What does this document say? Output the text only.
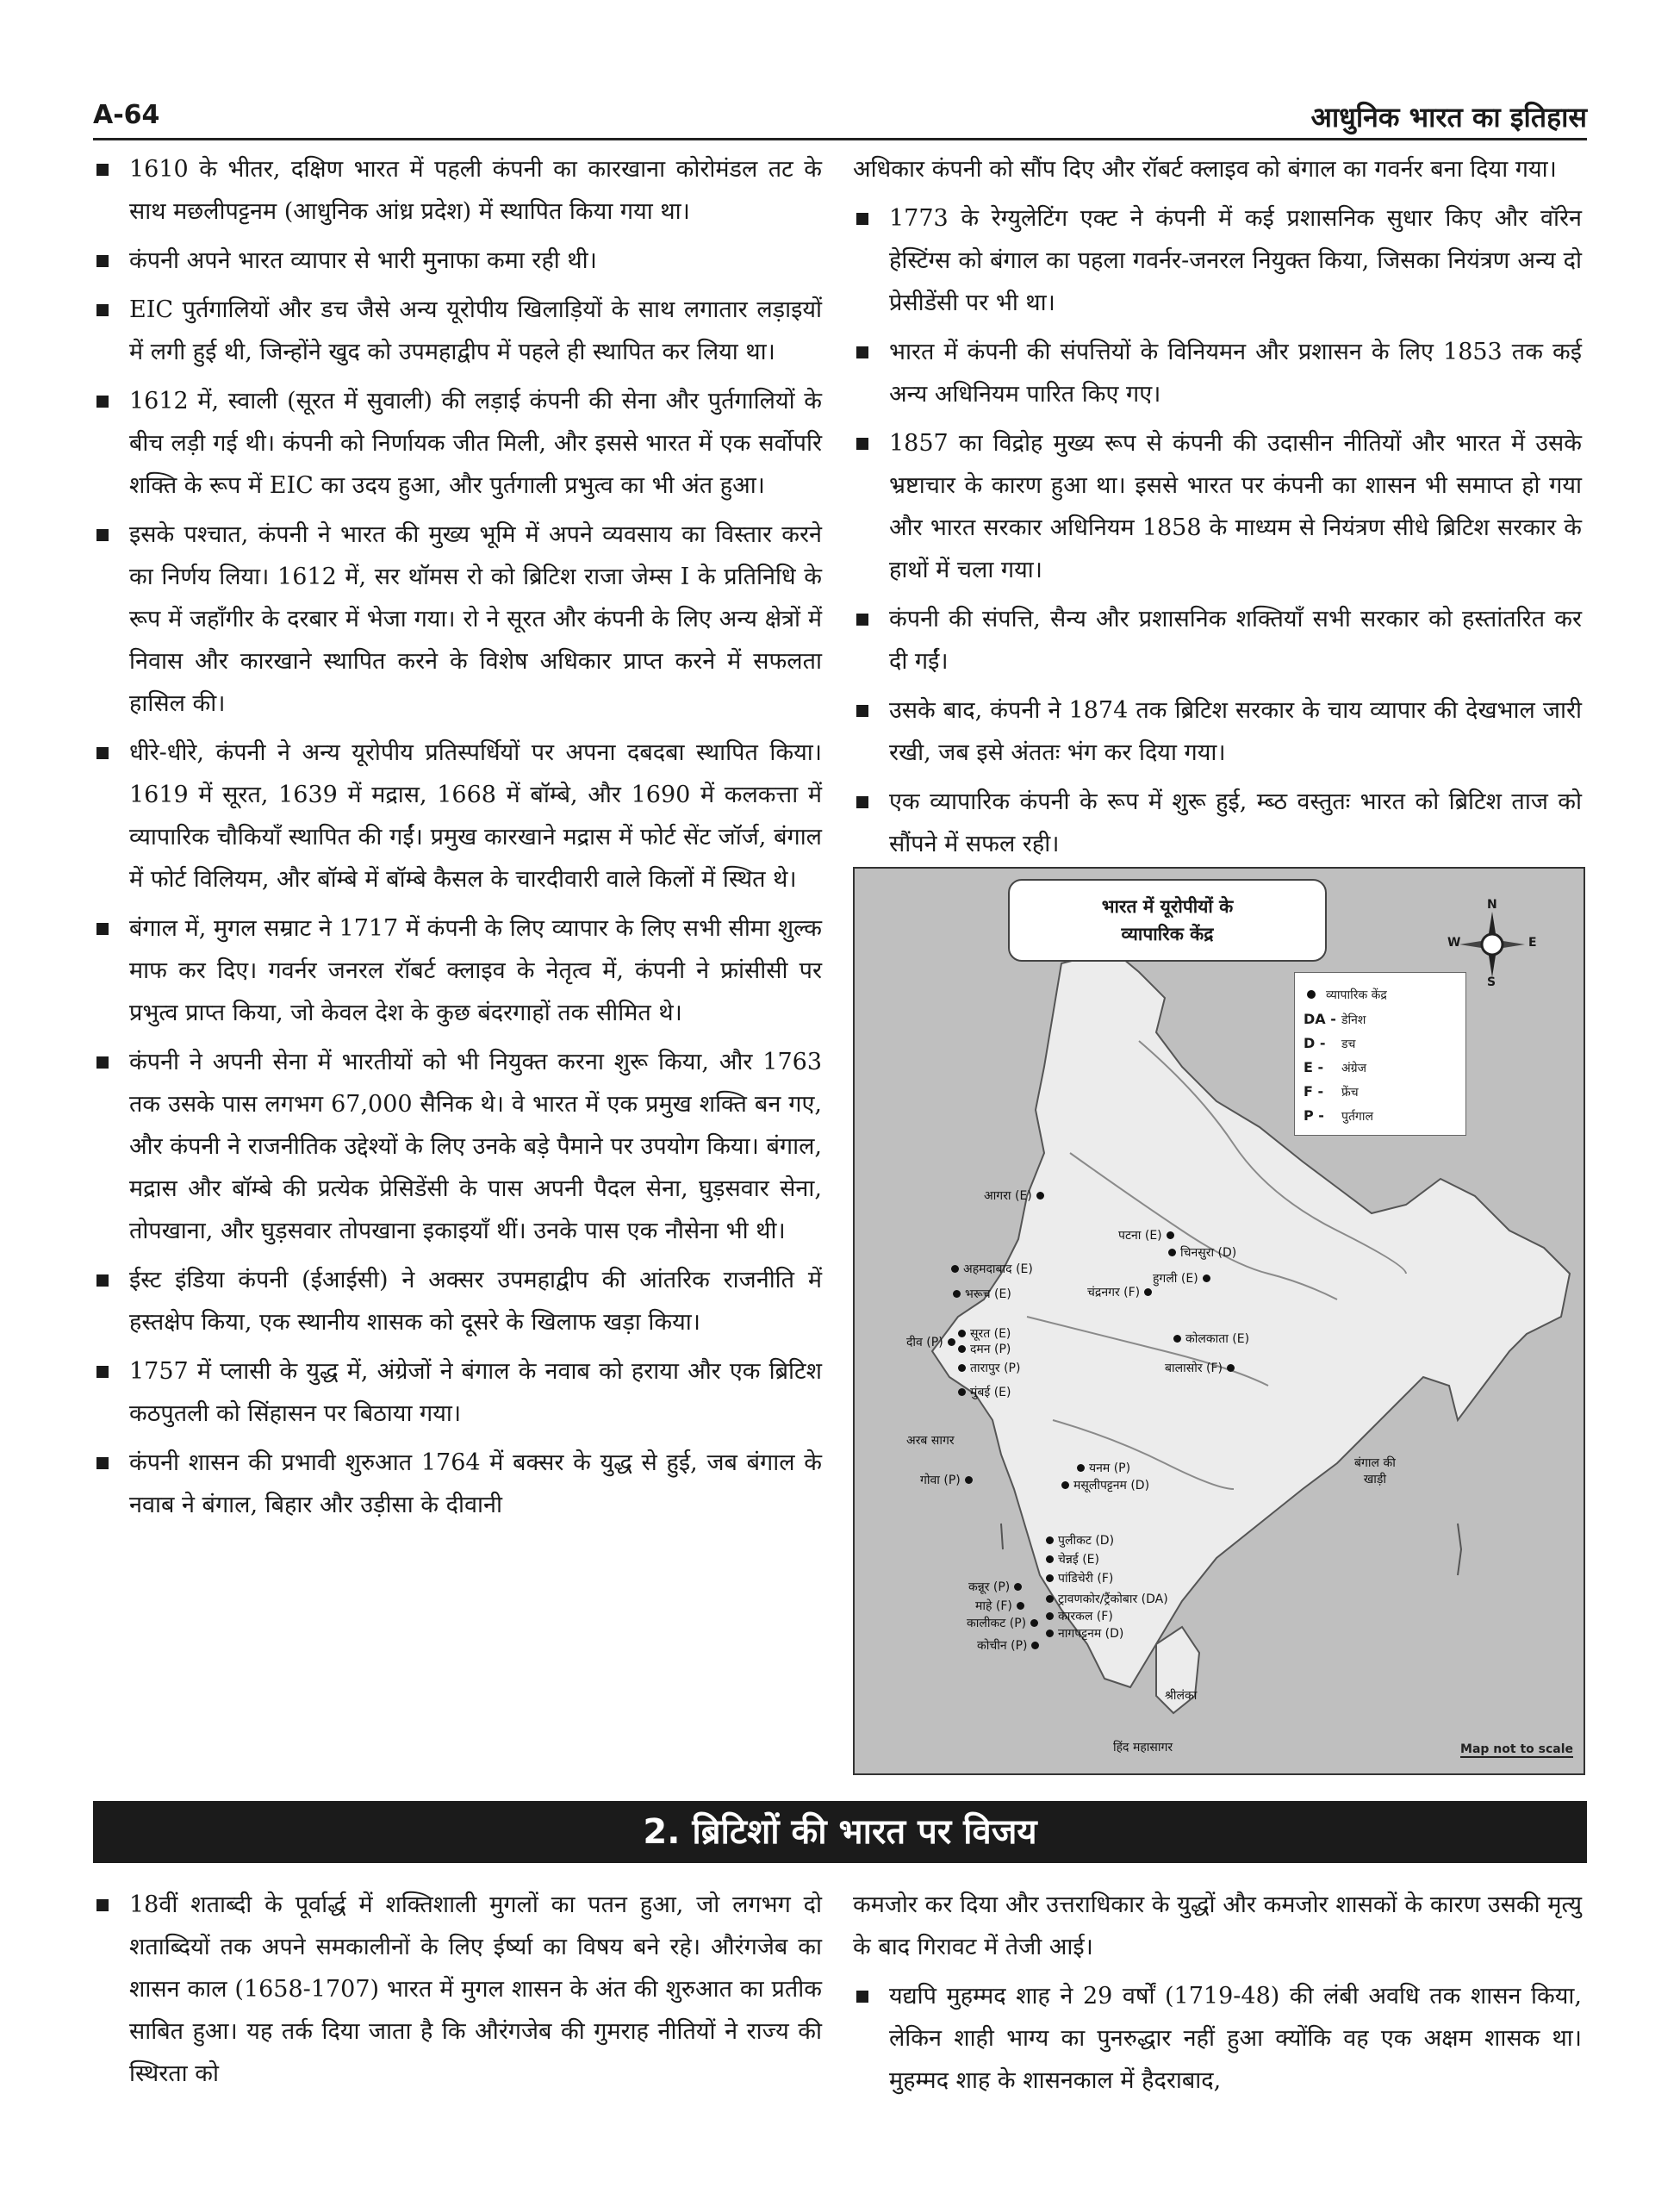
A-64	आधुनिक भारत का इतिहास

1610 के भीतर, दक्षिण भारत में पहली कंपनी का कारखाना कोरोमंडल तट के साथ मछलीपट्टनम (आधुनिक आंध्र प्रदेश) में स्थापित किया गया था।

कंपनी अपने भारत व्यापार से भारी मुनाफा कमा रही थी।

EIC पुर्तगालियों और डच जैसे अन्य यूरोपीय खिलाड़ियों के साथ लगातार लड़ाइयों में लगी हुई थी, जिन्होंने खुद को उपमहाद्वीप में पहले ही स्थापित कर लिया था।

1612 में, स्वाली (सूरत में सुवाली) की लड़ाई कंपनी की सेना और पुर्तगालियों के बीच लड़ी गई थी। कंपनी को निर्णायक जीत मिली, और इससे भारत में एक सर्वोपरि शक्ति के रूप में EIC का उदय हुआ, और पुर्तगाली प्रभुत्व का भी अंत हुआ।

इसके पश्चात, कंपनी ने भारत की मुख्य भूमि में अपने व्यवसाय का विस्तार करने का निर्णय लिया। 1612 में, सर थॉमस रो को ब्रिटिश राजा जेम्स I के प्रतिनिधि के रूप में जहाँगीर के दरबार में भेजा गया। रो ने सूरत और कंपनी के लिए अन्य क्षेत्रों में निवास और कारखाने स्थापित करने के विशेष अधिकार प्राप्त करने में सफलता हासिल की।

धीरे-धीरे, कंपनी ने अन्य यूरोपीय प्रतिस्पर्धियों पर अपना दबदबा स्थापित किया। 1619 में सूरत, 1639 में मद्रास, 1668 में बॉम्बे, और 1690 में कलकत्ता में व्यापारिक चौकियाँ स्थापित की गईं। प्रमुख कारखाने मद्रास में फोर्ट सेंट जॉर्ज, बंगाल में फोर्ट विलियम, और बॉम्बे में बॉम्बे कैसल के चारदीवारी वाले किलों में स्थित थे।

बंगाल में, मुगल सम्राट ने 1717 में कंपनी के लिए व्यापार के लिए सभी सीमा शुल्क माफ कर दिए। गवर्नर जनरल रॉबर्ट क्लाइव के नेतृत्व में, कंपनी ने फ्रांसीसी पर प्रभुत्व प्राप्त किया, जो केवल देश के कुछ बंदरगाहों तक सीमित थे।

कंपनी ने अपनी सेना में भारतीयों को भी नियुक्त करना शुरू किया, और 1763 तक उसके पास लगभग 67,000 सैनिक थे। वे भारत में एक प्रमुख शक्ति बन गए, और कंपनी ने राजनीतिक उद्देश्यों के लिए उनके बड़े पैमाने पर उपयोग किया। बंगाल, मद्रास और बॉम्बे की प्रत्येक प्रेसिडेंसी के पास अपनी पैदल सेना, घुड़सवार सेना, तोपखाना, और घुड़सवार तोपखाना इकाइयाँ थीं। उनके पास एक नौसेना भी थी।

ईस्ट इंडिया कंपनी (ईआईसी) ने अक्सर उपमहाद्वीप की आंतरिक राजनीति में हस्तक्षेप किया, एक स्थानीय शासक को दूसरे के खिलाफ खड़ा किया।

1757 में प्लासी के युद्ध में, अंग्रेजों ने बंगाल के नवाब को हराया और एक ब्रिटिश कठपुतली को सिंहासन पर बिठाया गया।

कंपनी शासन की प्रभावी शुरुआत 1764 में बक्सर के युद्ध से हुई, जब बंगाल के नवाब ने बंगाल, बिहार और उड़ीसा के दीवानी

अधिकार कंपनी को सौंप दिए और रॉबर्ट क्लाइव को बंगाल का गवर्नर बना दिया गया।

1773 के रेग्युलेटिंग एक्ट ने कंपनी में कई प्रशासनिक सुधार किए और वॉरेन हेस्टिंग्स को बंगाल का पहला गवर्नर-जनरल नियुक्त किया, जिसका नियंत्रण अन्य दो प्रेसीडेंसी पर भी था।

भारत में कंपनी की संपत्तियों के विनियमन और प्रशासन के लिए 1853 तक कई अन्य अधिनियम पारित किए गए।

1857 का विद्रोह मुख्य रूप से कंपनी की उदासीन नीतियों और भारत में उसके भ्रष्टाचार के कारण हुआ था। इससे भारत पर कंपनी का शासन भी समाप्त हो गया और भारत सरकार अधिनियम 1858 के माध्यम से नियंत्रण सीधे ब्रिटिश सरकार के हाथों में चला गया।

कंपनी की संपत्ति, सैन्य और प्रशासनिक शक्तियाँ सभी सरकार को हस्तांतरित कर दी गईं।

उसके बाद, कंपनी ने 1874 तक ब्रिटिश सरकार के चाय व्यापार की देखभाल जारी रखी, जब इसे अंततः भंग कर दिया गया।

एक व्यापारिक कंपनी के रूप में शुरू हुई, म्ब्ठ वस्तुतः भारत को ब्रिटिश ताज को सौंपने में सफल रही।

भारत में यूरोपीयों के
व्यापारिक केंद्र
N
S
W	E
व्यापारिक केंद्र
DA - डेनिश
D - डच
E - अंग्रेज
F - फ्रेंच
P - पुर्तगाल
आगरा (E)
पटना (E)
चिनसुरा (D)
अहमदाबाद (E)
भरूच (E)	चंद्रनगर (F)
हुगली (E)
कोलकाता (E)
बालासोर (F)
दीव (P)
सूरत (E)
दमन (P)
तारापुर (P)
मुंबई (E)
गोवा (P)
यनम (P)
मसूलीपट्टनम (D)
पुलीकट (D)
चेन्नई (E)
पांडिचेरी (F)
कन्नूर (P)
माहे (F)
कालीकट (P)
कोचीन (P)
ट्रावणकोर/ट्रैंकोबार (DA)
कारकल (F)
नागपट्टनम (D)
श्रीलंका
अरब सागर
बंगाल की
खाड़ी
हिंद महासागर	Map not to scale
2. ब्रिटिशों की भारत पर विजय

18वीं शताब्दी के पूर्वार्द्ध में शक्तिशाली मुगलों का पतन हुआ, जो लगभग दो शताब्दियों तक अपने समकालीनों के लिए ईर्ष्या का विषय बने रहे। औरंगजेब का शासन काल (1658-1707) भारत में मुगल शासन के अंत की शुरुआत का प्रतीक साबित हुआ। यह तर्क दिया जाता है कि औरंगजेब की गुमराह नीतियों ने राज्य की स्थिरता को

कमजोर कर दिया और उत्तराधिकार के युद्धों और कमजोर शासकों के कारण उसकी मृत्यु के बाद गिरावट में तेजी आई।

यद्यपि मुहम्मद शाह ने 29 वर्षों (1719-48) की लंबी अवधि तक शासन किया, लेकिन शाही भाग्य का पुनरुद्धार नहीं हुआ क्योंकि वह एक अक्षम शासक था। मुहम्मद शाह के शासनकाल में हैदराबाद,
